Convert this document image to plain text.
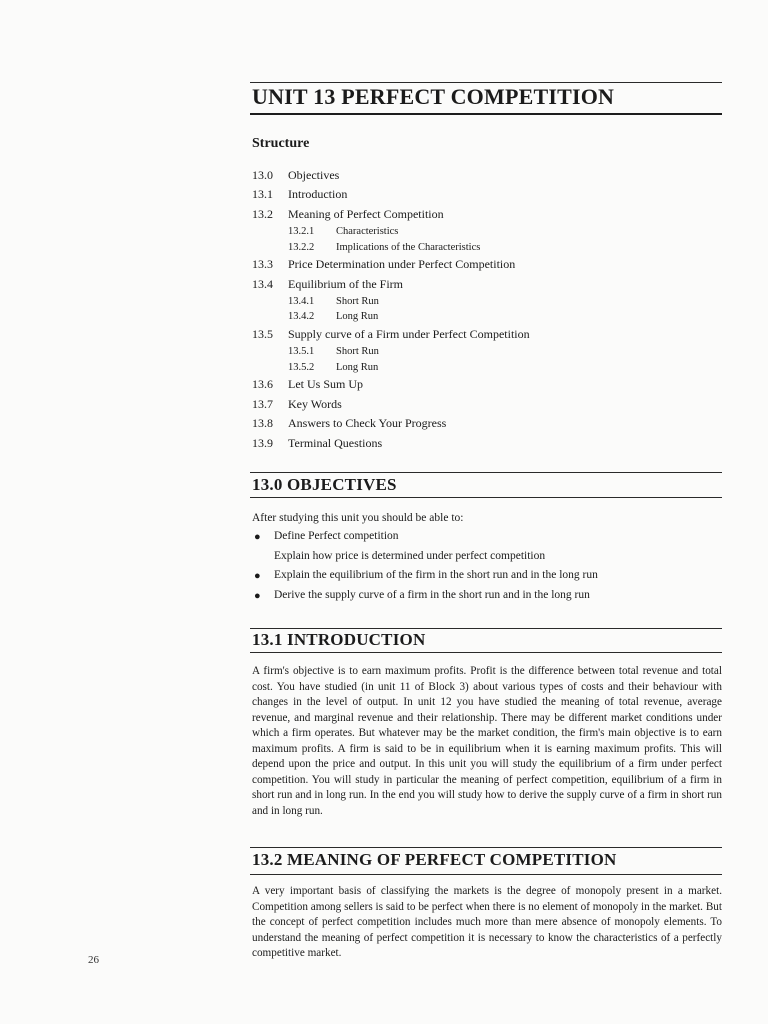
UNIT 13 PERFECT COMPETITION
Structure
13.0	Objectives
13.1	Introduction
13.2	Meaning of Perfect Competition
13.2.1	Characteristics
13.2.2	Implications of the Characteristics
13.3	Price Determination under Perfect Competition
13.4	Equilibrium of the Firm
13.4.1	Short Run
13.4.2	Long Run
13.5	Supply curve of a Firm under Perfect Competition
13.5.1	Short Run
13.5.2	Long Run
13.6	Let Us Sum Up
13.7	Key Words
13.8	Answers to Check Your Progress
13.9	Terminal Questions
13.0 OBJECTIVES
After studying this unit you should be able to:
● Define Perfect competition
Explain how price is determined under perfect competition
● Explain the equilibrium of the firm in the short run and in the long run
● Derive the supply curve of a firm in the short run and in the long run
13.1 INTRODUCTION
A firm's objective is to earn maximum profits. Profit is the difference between total revenue and total cost. You have studied (in unit 11 of Block 3) about various types of costs and their behaviour with changes in the level of output. In unit 12 you have studied the meaning of total revenue, average revenue, and marginal revenue and their relationship. There may be different market conditions under which a firm operates. But whatever may be the market condition, the firm's main objective is to earn maximum profits. A firm is said to be in equilibrium when it is earning maximum profits. This will depend upon the price and output. In this unit you will study the equilibrium of a firm under perfect competition. You will study in particular the meaning of perfect competition, equilibrium of a firm in short run and in long run. In the end you will study how to derive the supply curve of a firm in short run and in long run.
13.2 MEANING OF PERFECT COMPETITION
A very important basis of classifying the markets is the degree of monopoly present in a market. Competition among sellers is said to be perfect when there is no element of monopoly in the market. But the concept of perfect competition includes much more than mere absence of monopoly elements. To understand the meaning of perfect competition it is necessary to know the characteristics of a perfectly competitive market.
26
